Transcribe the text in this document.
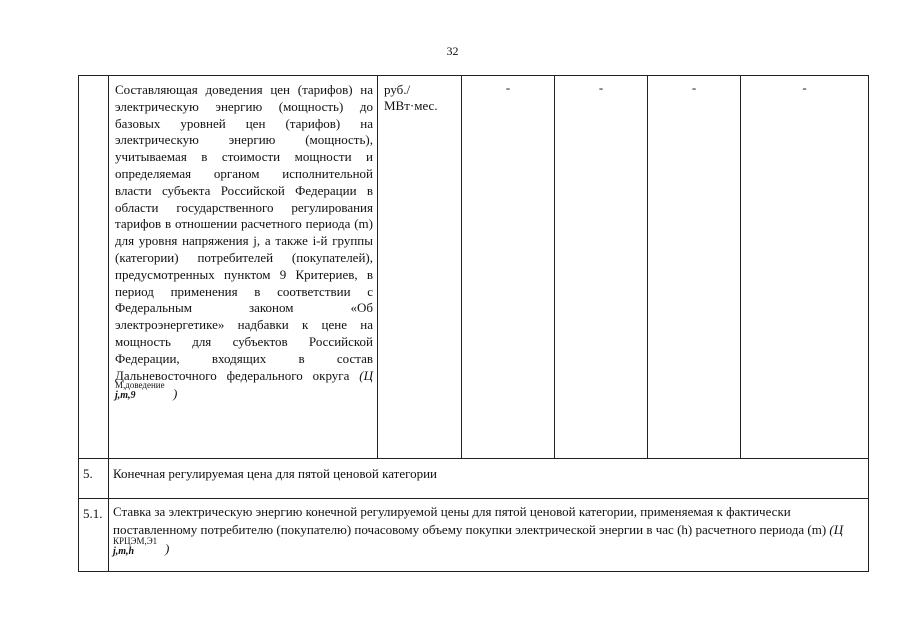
32
	Составляющая доведения цен (тарифов) на электрическую энергию (мощность) до базовых уровней цен (тарифов) на электрическую энергию (мощность), учитываемая в стоимости мощности и определяемая органом исполнительной власти субъекта Российской Федерации в области государственного регулирования тарифов в отношении расчетного периода (m) для уровня напряжения j, а также i-й группы (категории) потребителей (покупателей), предусмотренных пунктом 9 Критериев, в период применения в соответствии с Федеральным законом «Об электроэнергетике» надбавки к цене на мощность для субъектов Российской Федерации, входящих в состав Дальневосточного федерального округа (Ц
М,доведение
j,m,9 )	руб./ МВт·мес.	-	-	-	-
5.	Конечная регулируемая цена для пятой ценовой категории					
5.1.	Ставка за электрическую энергию конечной регулируемой цены для пятой ценовой категории, применяемая к фактически поставленному потребителю (покупателю) почасовому объему покупки электрической энергии в час (h) расчетного периода (m) (Ц
КРЦЭМ,Э1
j,m,h )					
